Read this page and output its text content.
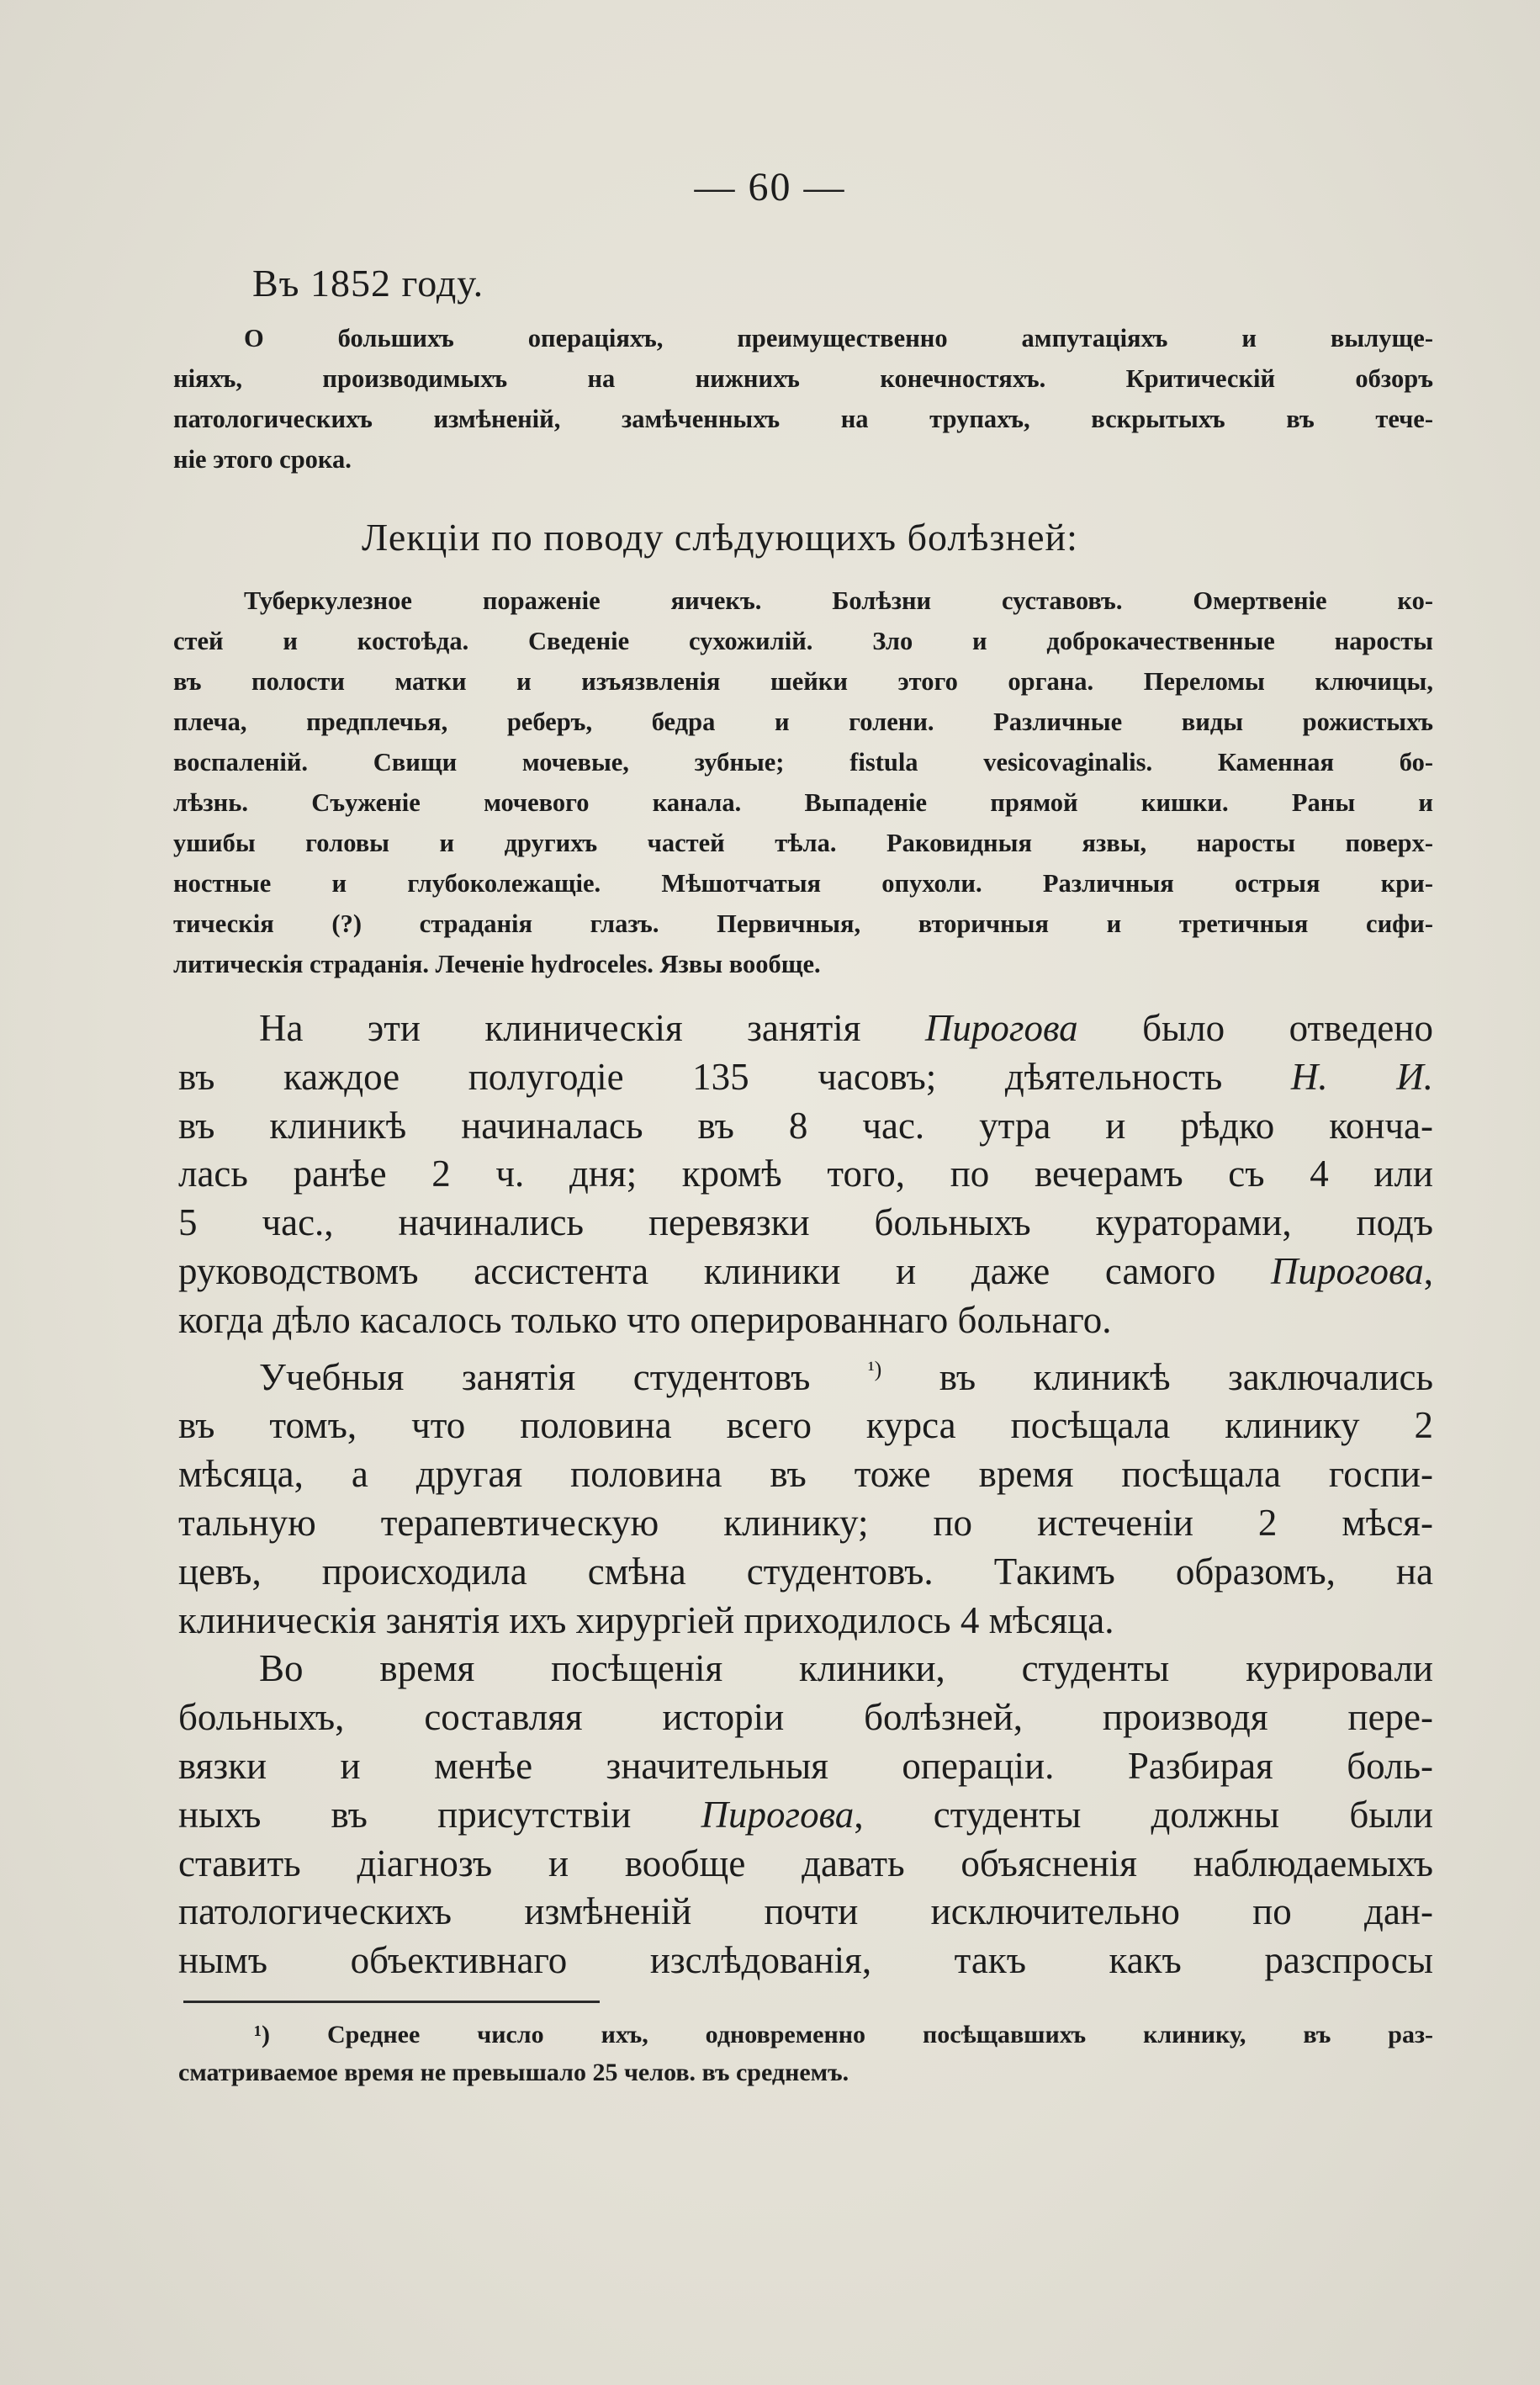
— 60 —
Въ 1852 году.
О большихъ операціяхъ, преимущественно ампутаціяхъ и вылуще-
ніяхъ, производимыхъ на нижнихъ конечностяхъ. Критическій обзоръ
патологическихъ измѣненій, замѣченныхъ на трупахъ, вскрытыхъ въ тече-
ніе этого срока.
Лекціи по поводу слѣдующихъ болѣзней:
Туберкулезное пораженіе яичекъ. Болѣзни суставовъ. Омертвеніе ко-
стей и костоѣда. Сведеніе сухожилій. Зло и доброкачественные наросты
въ полости матки и изъязвленія шейки этого органа. Переломы ключицы,
плеча, предплечья, реберъ, бедра и голени. Различные виды рожистыхъ
воспаленій. Свищи мочевые, зубные; fistula vesicovaginalis. Каменная бо-
лѣзнь. Съуженіе мочевого канала. Выпаденіе прямой кишки. Раны и
ушибы головы и другихъ частей тѣла. Раковидныя язвы, наросты поверх-
ностные и глубоколежащіе. Мѣшотчатыя опухоли. Различныя острыя кри-
тическія (?) страданія глазъ. Первичныя, вторичныя и третичныя сифи-
литическія страданія. Леченіе hydroceles. Язвы вообще.
На эти клиническія занятія Пирогова было отведено
въ каждое полугодіе 135 часовъ; дѣятельность Н. И.
въ клиникѣ начиналась въ 8 час. утра и рѣдко конча-
лась ранѣе 2 ч. дня; кромѣ того, по вечерамъ съ 4 или
5 час., начинались перевязки больныхъ кураторами, подъ
руководствомъ ассистента клиники и даже самого Пирогова,
когда дѣло касалось только что оперированнаго больнаго.
Учебныя занятія студентовъ $^{^1)}$ въ клиникѣ заключались
въ томъ, что половина всего курса посѣщала клинику 2
мѣсяца, а другая половина въ тоже время посѣщала госпи-
тальную терапевтическую клинику; по истеченіи 2 мѣся-
цевъ, происходила смѣна студентовъ. Такимъ образомъ, на
клиническія занятія ихъ хирургіей приходилось 4 мѣсяца.
Во время посѣщенія клиники, студенты курировали
больныхъ, составляя исторіи болѣзней, производя пере-
вязки и менѣе значительныя операціи. Разбирая боль-
ныхъ въ присутствіи Пирогова, студенты должны были
ставить діагнозъ и вообще давать объясненія наблюдаемыхъ
патологическихъ измѣненій почти исключительно по дан-
нымъ объективнаго изслѣдованія, такъ какъ разспросы
¹) Среднее число ихъ, одновременно посѣщавшихъ клинику, въ раз-
сматриваемое время не превышало 25 челов. въ среднемъ.
